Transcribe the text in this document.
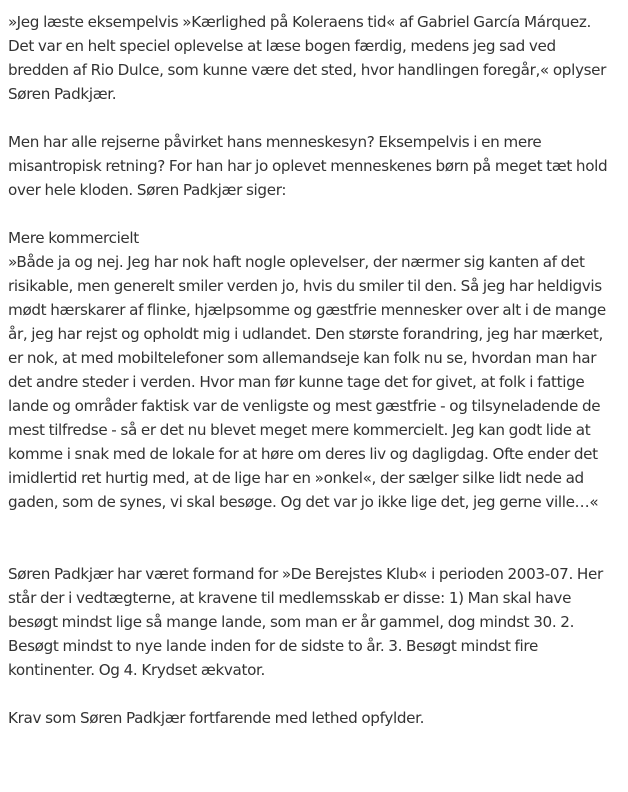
»Jeg læste eksempelvis »Kærlighed på Koleraens tid« af Gabriel García Márquez. Det var en helt speciel oplevelse at læse bogen færdig, medens jeg sad ved bredden af Rio Dulce, som kunne være det sted, hvor handlingen foregår,« oplyser Søren Padkjær.

Men har alle rejserne påvirket hans menneskesyn? Eksempelvis i en mere misantropisk retning? For han har jo oplevet menneskenes børn på meget tæt hold over hele kloden. Søren Padkjær siger:

Mere kommercielt
»Både ja og nej. Jeg har nok haft nogle oplevelser, der nærmer sig kanten af det risikable, men generelt smiler verden jo, hvis du smiler til den. Så jeg har heldigvis mødt hærskarer af flinke, hjælpsomme og gæstfrie mennesker over alt i de mange år, jeg har rejst og opholdt mig i udlandet. Den største forandring, jeg har mærket, er nok, at med mobiltelefoner som allemandseje kan folk nu se, hvordan man har det andre steder i verden. Hvor man før kunne tage det for givet, at folk i fattige lande og områder faktisk var de venligste og mest gæstfrie - og tilsyneladende de mest tilfredse - så er det nu blevet meget mere kommercielt. Jeg kan godt lide at komme i snak med de lokale for at høre om deres liv og dagligdag. Ofte ender det imidlertid ret hurtig med, at de lige har en »onkel«, der sælger silke lidt nede ad gaden, som de synes, vi skal besøge. Og det var jo ikke lige det, jeg gerne ville…«

Søren Padkjær har været formand for »De Berejstes Klub« i perioden 2003-07. Her står der i vedtægterne, at kravene til medlemsskab er disse: 1) Man skal have besøgt mindst lige så mange lande, som man er år gammel, dog mindst 30. 2. Besøgt mindst to nye lande inden for de sidste to år. 3. Besøgt mindst fire kontinenter. Og 4. Krydset ækvator.

Krav som Søren Padkjær fortfarende med lethed opfylder.
